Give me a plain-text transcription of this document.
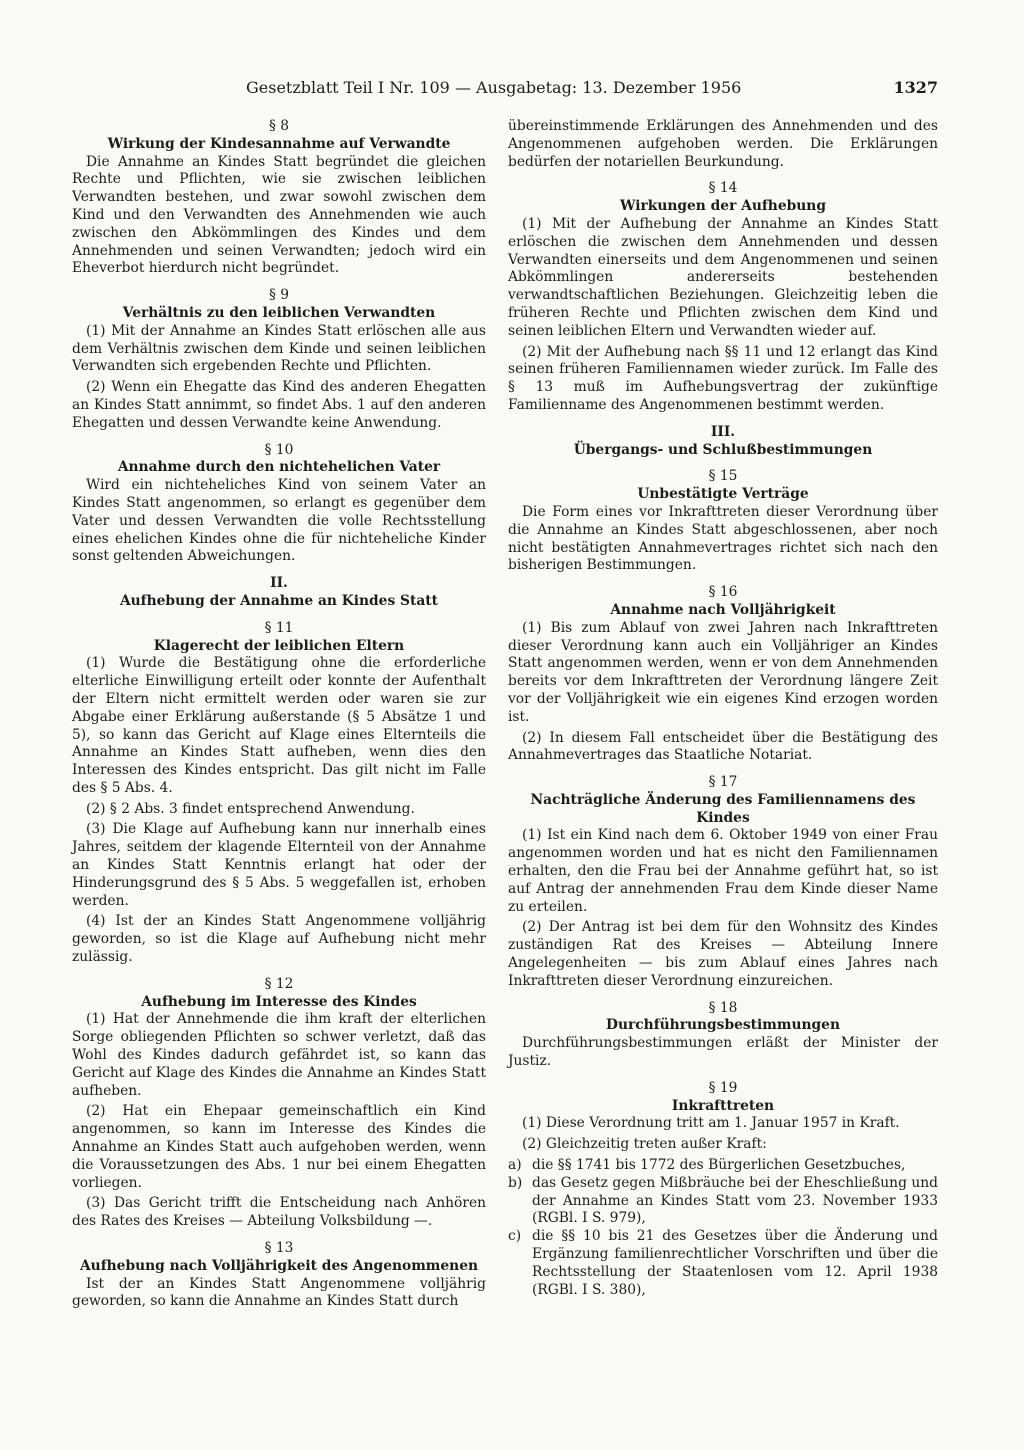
Gesetzblatt Teil I Nr. 109 — Ausgabetag: 13. Dezember 1956	1327

§ 8

Wirkung der Kindesannahme auf Verwandte

Die Annahme an Kindes Statt begründet die gleichen Rechte und Pflichten, wie sie zwischen leiblichen Verwandten bestehen, und zwar sowohl zwischen dem Kind und den Verwandten des Annehmenden wie auch zwischen den Abkömmlingen des Kindes und dem Annehmenden und seinen Verwandten; jedoch wird ein Eheverbot hierdurch nicht begründet.

§ 9

Verhältnis zu den leiblichen Verwandten

(1) Mit der Annahme an Kindes Statt erlöschen alle aus dem Verhältnis zwischen dem Kinde und seinen leiblichen Verwandten sich ergebenden Rechte und Pflichten.

(2) Wenn ein Ehegatte das Kind des anderen Ehegatten an Kindes Statt annimmt, so findet Abs. 1 auf den anderen Ehegatten und dessen Verwandte keine Anwendung.

§ 10

Annahme durch den nichtehelichen Vater

Wird ein nichteheliches Kind von seinem Vater an Kindes Statt angenommen, so erlangt es gegenüber dem Vater und dessen Verwandten die volle Rechtsstellung eines ehelichen Kindes ohne die für nichteheliche Kinder sonst geltenden Abweichungen.

II.

Aufhebung der Annahme an Kindes Statt

§ 11

Klagerecht der leiblichen Eltern

(1) Wurde die Bestätigung ohne die erforderliche elterliche Einwilligung erteilt oder konnte der Aufenthalt der Eltern nicht ermittelt werden oder waren sie zur Abgabe einer Erklärung außerstande (§ 5 Absätze 1 und 5), so kann das Gericht auf Klage eines Elternteils die Annahme an Kindes Statt aufheben, wenn dies den Interessen des Kindes entspricht. Das gilt nicht im Falle des § 5 Abs. 4.

(2) § 2 Abs. 3 findet entsprechend Anwendung.

(3) Die Klage auf Aufhebung kann nur innerhalb eines Jahres, seitdem der klagende Elternteil von der Annahme an Kindes Statt Kenntnis erlangt hat oder der Hinderungsgrund des § 5 Abs. 5 weggefallen ist, erhoben werden.

(4) Ist der an Kindes Statt Angenommene volljährig geworden, so ist die Klage auf Aufhebung nicht mehr zulässig.

§ 12

Aufhebung im Interesse des Kindes

(1) Hat der Annehmende die ihm kraft der elterlichen Sorge obliegenden Pflichten so schwer verletzt, daß das Wohl des Kindes dadurch gefährdet ist, so kann das Gericht auf Klage des Kindes die Annahme an Kindes Statt aufheben.

(2) Hat ein Ehepaar gemeinschaftlich ein Kind angenommen, so kann im Interesse des Kindes die Annahme an Kindes Statt auch aufgehoben werden, wenn die Voraussetzungen des Abs. 1 nur bei einem Ehegatten vorliegen.

(3) Das Gericht trifft die Entscheidung nach Anhören des Rates des Kreises — Abteilung Volksbildung —.

§ 13

Aufhebung nach Volljährigkeit des Angenommenen

Ist der an Kindes Statt Angenommene volljährig geworden, so kann die Annahme an Kindes Statt durch

übereinstimmende Erklärungen des Annehmenden und des Angenommenen aufgehoben werden. Die Erklärungen bedürfen der notariellen Beurkundung.

§ 14

Wirkungen der Aufhebung

(1) Mit der Aufhebung der Annahme an Kindes Statt erlöschen die zwischen dem Annehmenden und dessen Verwandten einerseits und dem Angenommenen und seinen Abkömmlingen andererseits bestehenden verwandtschaftlichen Beziehungen. Gleichzeitig leben die früheren Rechte und Pflichten zwischen dem Kind und seinen leiblichen Eltern und Verwandten wieder auf.

(2) Mit der Aufhebung nach §§ 11 und 12 erlangt das Kind seinen früheren Familiennamen wieder zurück. Im Falle des § 13 muß im Aufhebungsvertrag der zukünftige Familienname des Angenommenen bestimmt werden.

III.

Übergangs- und Schlußbestimmungen

§ 15

Unbestätigte Verträge

Die Form eines vor Inkrafttreten dieser Verordnung über die Annahme an Kindes Statt abgeschlossenen, aber noch nicht bestätigten Annahmevertrages richtet sich nach den bisherigen Bestimmungen.

§ 16

Annahme nach Volljährigkeit

(1) Bis zum Ablauf von zwei Jahren nach Inkrafttreten dieser Verordnung kann auch ein Volljähriger an Kindes Statt angenommen werden, wenn er von dem Annehmenden bereits vor dem Inkrafttreten der Verordnung längere Zeit vor der Volljährigkeit wie ein eigenes Kind erzogen worden ist.

(2) In diesem Fall entscheidet über die Bestätigung des Annahmevertrages das Staatliche Notariat.

§ 17

Nachträgliche Änderung des Familiennamens des Kindes

(1) Ist ein Kind nach dem 6. Oktober 1949 von einer Frau angenommen worden und hat es nicht den Familiennamen erhalten, den die Frau bei der Annahme geführt hat, so ist auf Antrag der annehmenden Frau dem Kinde dieser Name zu erteilen.

(2) Der Antrag ist bei dem für den Wohnsitz des Kindes zuständigen Rat des Kreises — Abteilung Innere Angelegenheiten — bis zum Ablauf eines Jahres nach Inkrafttreten dieser Verordnung einzureichen.

§ 18

Durchführungsbestimmungen

Durchführungsbestimmungen erläßt der Minister der Justiz.

§ 19

Inkrafttreten

(1) Diese Verordnung tritt am 1. Januar 1957 in Kraft.

(2) Gleichzeitig treten außer Kraft:

a) die §§ 1741 bis 1772 des Bürgerlichen Gesetzbuches,
b) das Gesetz gegen Mißbräuche bei der Eheschließung und der Annahme an Kindes Statt vom 23. November 1933 (RGBl. I S. 979),
c) die §§ 10 bis 21 des Gesetzes über die Änderung und Ergänzung familienrechtlicher Vorschriften und über die Rechtsstellung der Staatenlosen vom 12. April 1938 (RGBl. I S. 380),
